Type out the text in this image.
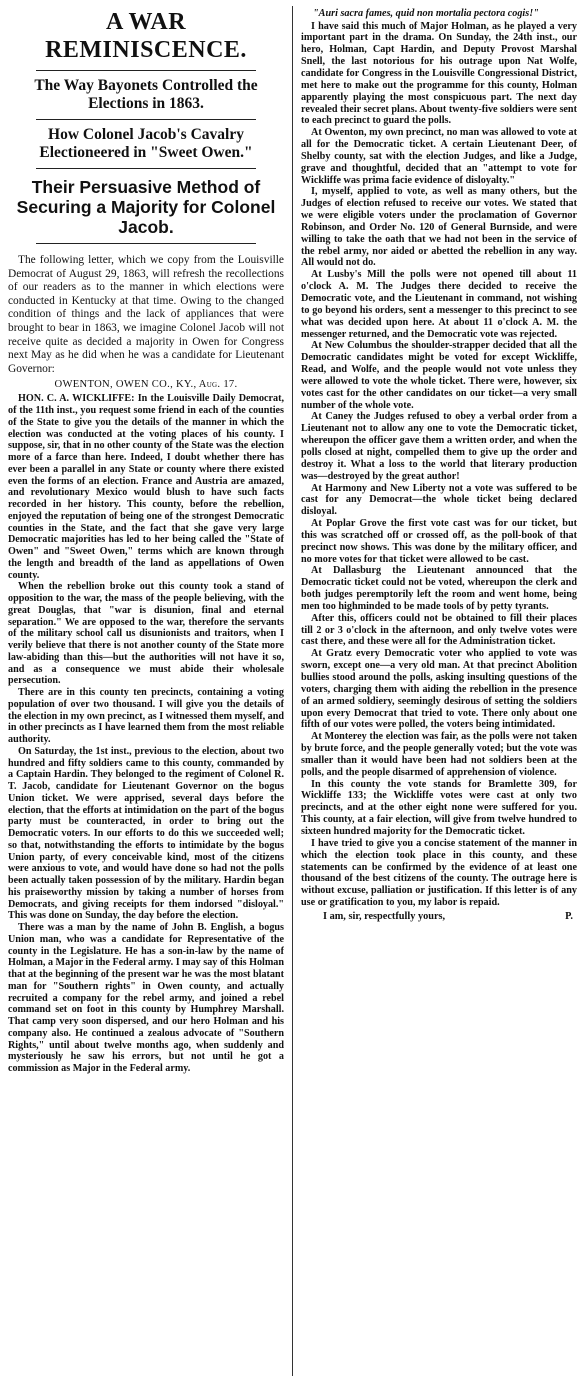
A WAR REMINISCENCE.
The Way Bayonets Controlled the Elections in 1863.
How Colonel Jacob's Cavalry Electioneered in "Sweet Owen."
Their Persuasive Method of Securing a Majority for Colonel Jacob.

The following letter, which we copy from the Louisville Democrat of August 29, 1863, will refresh the recollections of our readers as to the manner in which elections were conducted in Kentucky at that time. Owing to the changed condition of things and the lack of appliances that were brought to bear in 1863, we imagine Colonel Jacob will not receive quite as decided a majority in Owen for Congress next May as he did when he was a candidate for Lieutenant Governor:

OWENTON, OWEN CO., KY., Aug. 17.

HON. C. A. WICKLIFFE: In the Louisville Daily Democrat, of the 11th inst., you request some friend in each of the counties of the State to give you the details of the manner in which the election was conducted at the voting places of his county. I suppose, sir, that in no other county of the State was the election more of a farce than here. Indeed, I doubt whether there has ever been a parallel in any State or county where there existed even the forms of an election. France and Austria are amazed, and revolutionary Mexico would blush to have such facts recorded in her history. This county, before the rebellion, enjoyed the reputation of being one of the strongest Democratic counties in the State, and the fact that she gave very large Democratic majorities has led to her being called the "State of Owen" and "Sweet Owen," terms which are known through the length and breadth of the land as appellations of Owen county.

When the rebellion broke out this county took a stand of opposition to the war, the mass of the people believing, with the great Douglas, that "war is disunion, final and eternal separation." We are opposed to the war, therefore the servants of the military school call us disunionists and traitors, when I verily believe that there is not another county of the State more law-abiding than this—but the authorities will not have it so, and as a consequence we must abide their wholesale persecution.

There are in this county ten precincts, containing a voting population of over two thousand. I will give you the details of the election in my own precinct, as I witnessed them myself, and in other precincts as I have learned them from the most reliable authority.

On Saturday, the 1st inst., previous to the election, about two hundred and fifty soldiers came to this county, commanded by a Captain Hardin. They belonged to the regiment of Colonel R. T. Jacob, candidate for Lieutenant Governor on the bogus Union ticket. We were apprised, several days before the election, that the efforts at intimidation on the part of the bogus party must be counteracted, in order to bring out the Democratic voters. In our efforts to do this we succeeded well; so that, notwithstanding the efforts to intimidate by the bogus Union party, of every conceivable kind, most of the citizens were anxious to vote, and would have done so had not the polls been actually taken possession of by the military. Hardin began his praiseworthy mission by taking a number of horses from Democrats, and giving receipts for them indorsed "disloyal." This was done on Sunday, the day before the election.

There was a man by the name of John B. English, a bogus Union man, who was a candidate for Representative of the county in the Legislature. He has a son-in-law by the name of Holman, a Major in the Federal army. I may say of this Holman that at the beginning of the present war he was the most blatant man for "Southern rights" in Owen county, and actually recruited a company for the rebel army, and joined a rebel command set on foot in this county by Humphrey Marshall. That camp very soon dispersed, and our hero Holman and his company also. He continued a zealous advocate of "Southern Rights," until about twelve months ago, when suddenly and mysteriously he saw his errors, but not until he got a commission as Major in the Federal army.

"Auri sacra fames, quid non mortalia pectora cogis!"

I have said this much of Major Holman, as he played a very important part in the drama. On Sunday, the 24th inst., our hero, Holman, Capt Hardin, and Deputy Provost Marshal Snell, the last notorious for his outrage upon Nat Wolfe, candidate for Congress in the Louisville Congressional District, met here to make out the programme for this county, Holman apparently playing the most conspicuous part. The next day revealed their secret plans. About twenty-five soldiers were sent to each precinct to guard the polls.

At Owenton, my own precinct, no man was allowed to vote at all for the Democratic ticket. A certain Lieutenant Deer, of Shelby county, sat with the election Judges, and like a Judge, grave and thoughtful, decided that an "attempt to vote for Wickliffe was prima facie evidence of disloyalty."

I, myself, applied to vote, as well as many others, but the Judges of election refused to receive our votes. We stated that we were eligible voters under the proclamation of Governor Robinson, and Order No. 120 of General Burnside, and were willing to take the oath that we had not been in the service of the rebel army, nor aided or abetted the rebellion in any way. All would not do.

At Lusby's Mill the polls were not opened till about 11 o'clock A. M. The Judges there decided to receive the Democratic vote, and the Lieutenant in command, not wishing to go beyond his orders, sent a messenger to this precinct to see what was decided upon here. At about 11 o'clock A. M. the messenger returned, and the Democratic vote was rejected.

At New Columbus the shoulder-strapper decided that all the Democratic candidates might be voted for except Wickliffe, Read, and Wolfe, and the people would not vote unless they were allowed to vote the whole ticket. There were, however, six votes cast for the other candidates on our ticket—a very small number of the whole vote.

At Caney the Judges refused to obey a verbal order from a Lieutenant not to allow any one to vote the Democratic ticket, whereupon the officer gave them a written order, and when the polls closed at night, compelled them to give up the order and destroy it. What a loss to the world that literary production was—destroyed by the great author!

At Harmony and New Liberty not a vote was suffered to be cast for any Democrat—the whole ticket being declared disloyal.

At Poplar Grove the first vote cast was for our ticket, but this was scratched off or crossed off, as the poll-book of that precinct now shows. This was done by the military officer, and no more votes for that ticket were allowed to be cast.

At Dallasburg the Lieutenant announced that the Democratic ticket could not be voted, whereupon the clerk and both judges peremptorily left the room and went home, being men too highminded to be made tools of by petty tyrants.

After this, officers could not be obtained to fill their places till 2 or 3 o'clock in the afternoon, and only twelve votes were cast there, and these were all for the Administration ticket.

At Gratz every Democratic voter who applied to vote was sworn, except one—a very old man. At that precinct Abolition bullies stood around the polls, asking insulting questions of the voters, charging them with aiding the rebellion in the presence of an armed soldiery, seemingly desirous of setting the soldiers upon every Democrat that tried to vote. There only about one fifth of our votes were polled, the voters being intimidated.

At Monterey the election was fair, as the polls were not taken by brute force, and the people generally voted; but the vote was smaller than it would have been had not soldiers been at the polls, and the people disarmed of apprehension of violence.

In this county the vote stands for Bramlette 309, for Wickliffe 133; the Wickliffe votes were cast at only two precincts, and at the other eight none were suffered for you. This county, at a fair election, will give from twelve hundred to sixteen hundred majority for the Democratic ticket.

I have tried to give you a concise statement of the manner in which the election took place in this county, and these statements can be confirmed by the evidence of at least one thousand of the best citizens of the county. The outrage here is without excuse, palliation or justification. If this letter is of any use or gratification to you, my labor is repaid.

I am, sir, respectfully yours,	P.
